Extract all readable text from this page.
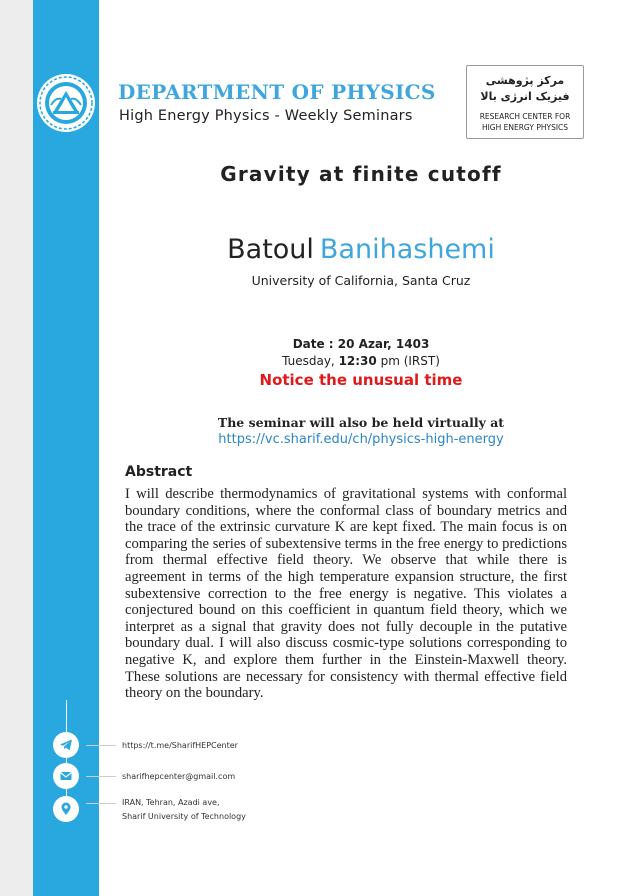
DEPARTMENT OF PHYSICS
High Energy Physics - Weekly Seminars
مرکز پژوهشی
فیزیک انرژی بالا
RESEARCH CENTER FOR
HIGH ENERGY PHYSICS
Gravity at finite cutoff
Batoul Banihashemi
University of California, Santa Cruz
Date : 20 Azar, 1403
Tuesday, 12:30 pm (IRST)
Notice the unusual time
The seminar will also be held virtually at
https://vc.sharif.edu/ch/physics-high-energy
Abstract
I will describe thermodynamics of gravitational systems with conformal boundary conditions, where the conformal class of boundary metrics and the trace of the extrinsic curvature K are kept fixed. The main focus is on comparing the series of subextensive terms in the free energy to predictions from thermal effective field theory. We observe that while there is agreement in terms of the high temperature expansion structure, the first subextensive correction to the free energy is negative. This violates a conjectured bound on this coefficient in quantum field theory, which we interpret as a signal that gravity does not fully decouple in the putative boundary dual. I will also discuss cosmic-type solutions corresponding to negative K, and explore them further in the Einstein-Maxwell theory. These solutions are necessary for consistency with thermal effective field theory on the boundary.
https://t.me/SharifHEPCenter
sharifhepcenter@gmail.com
IRAN, Tehran, Azadi ave,
Sharif University of Technology
